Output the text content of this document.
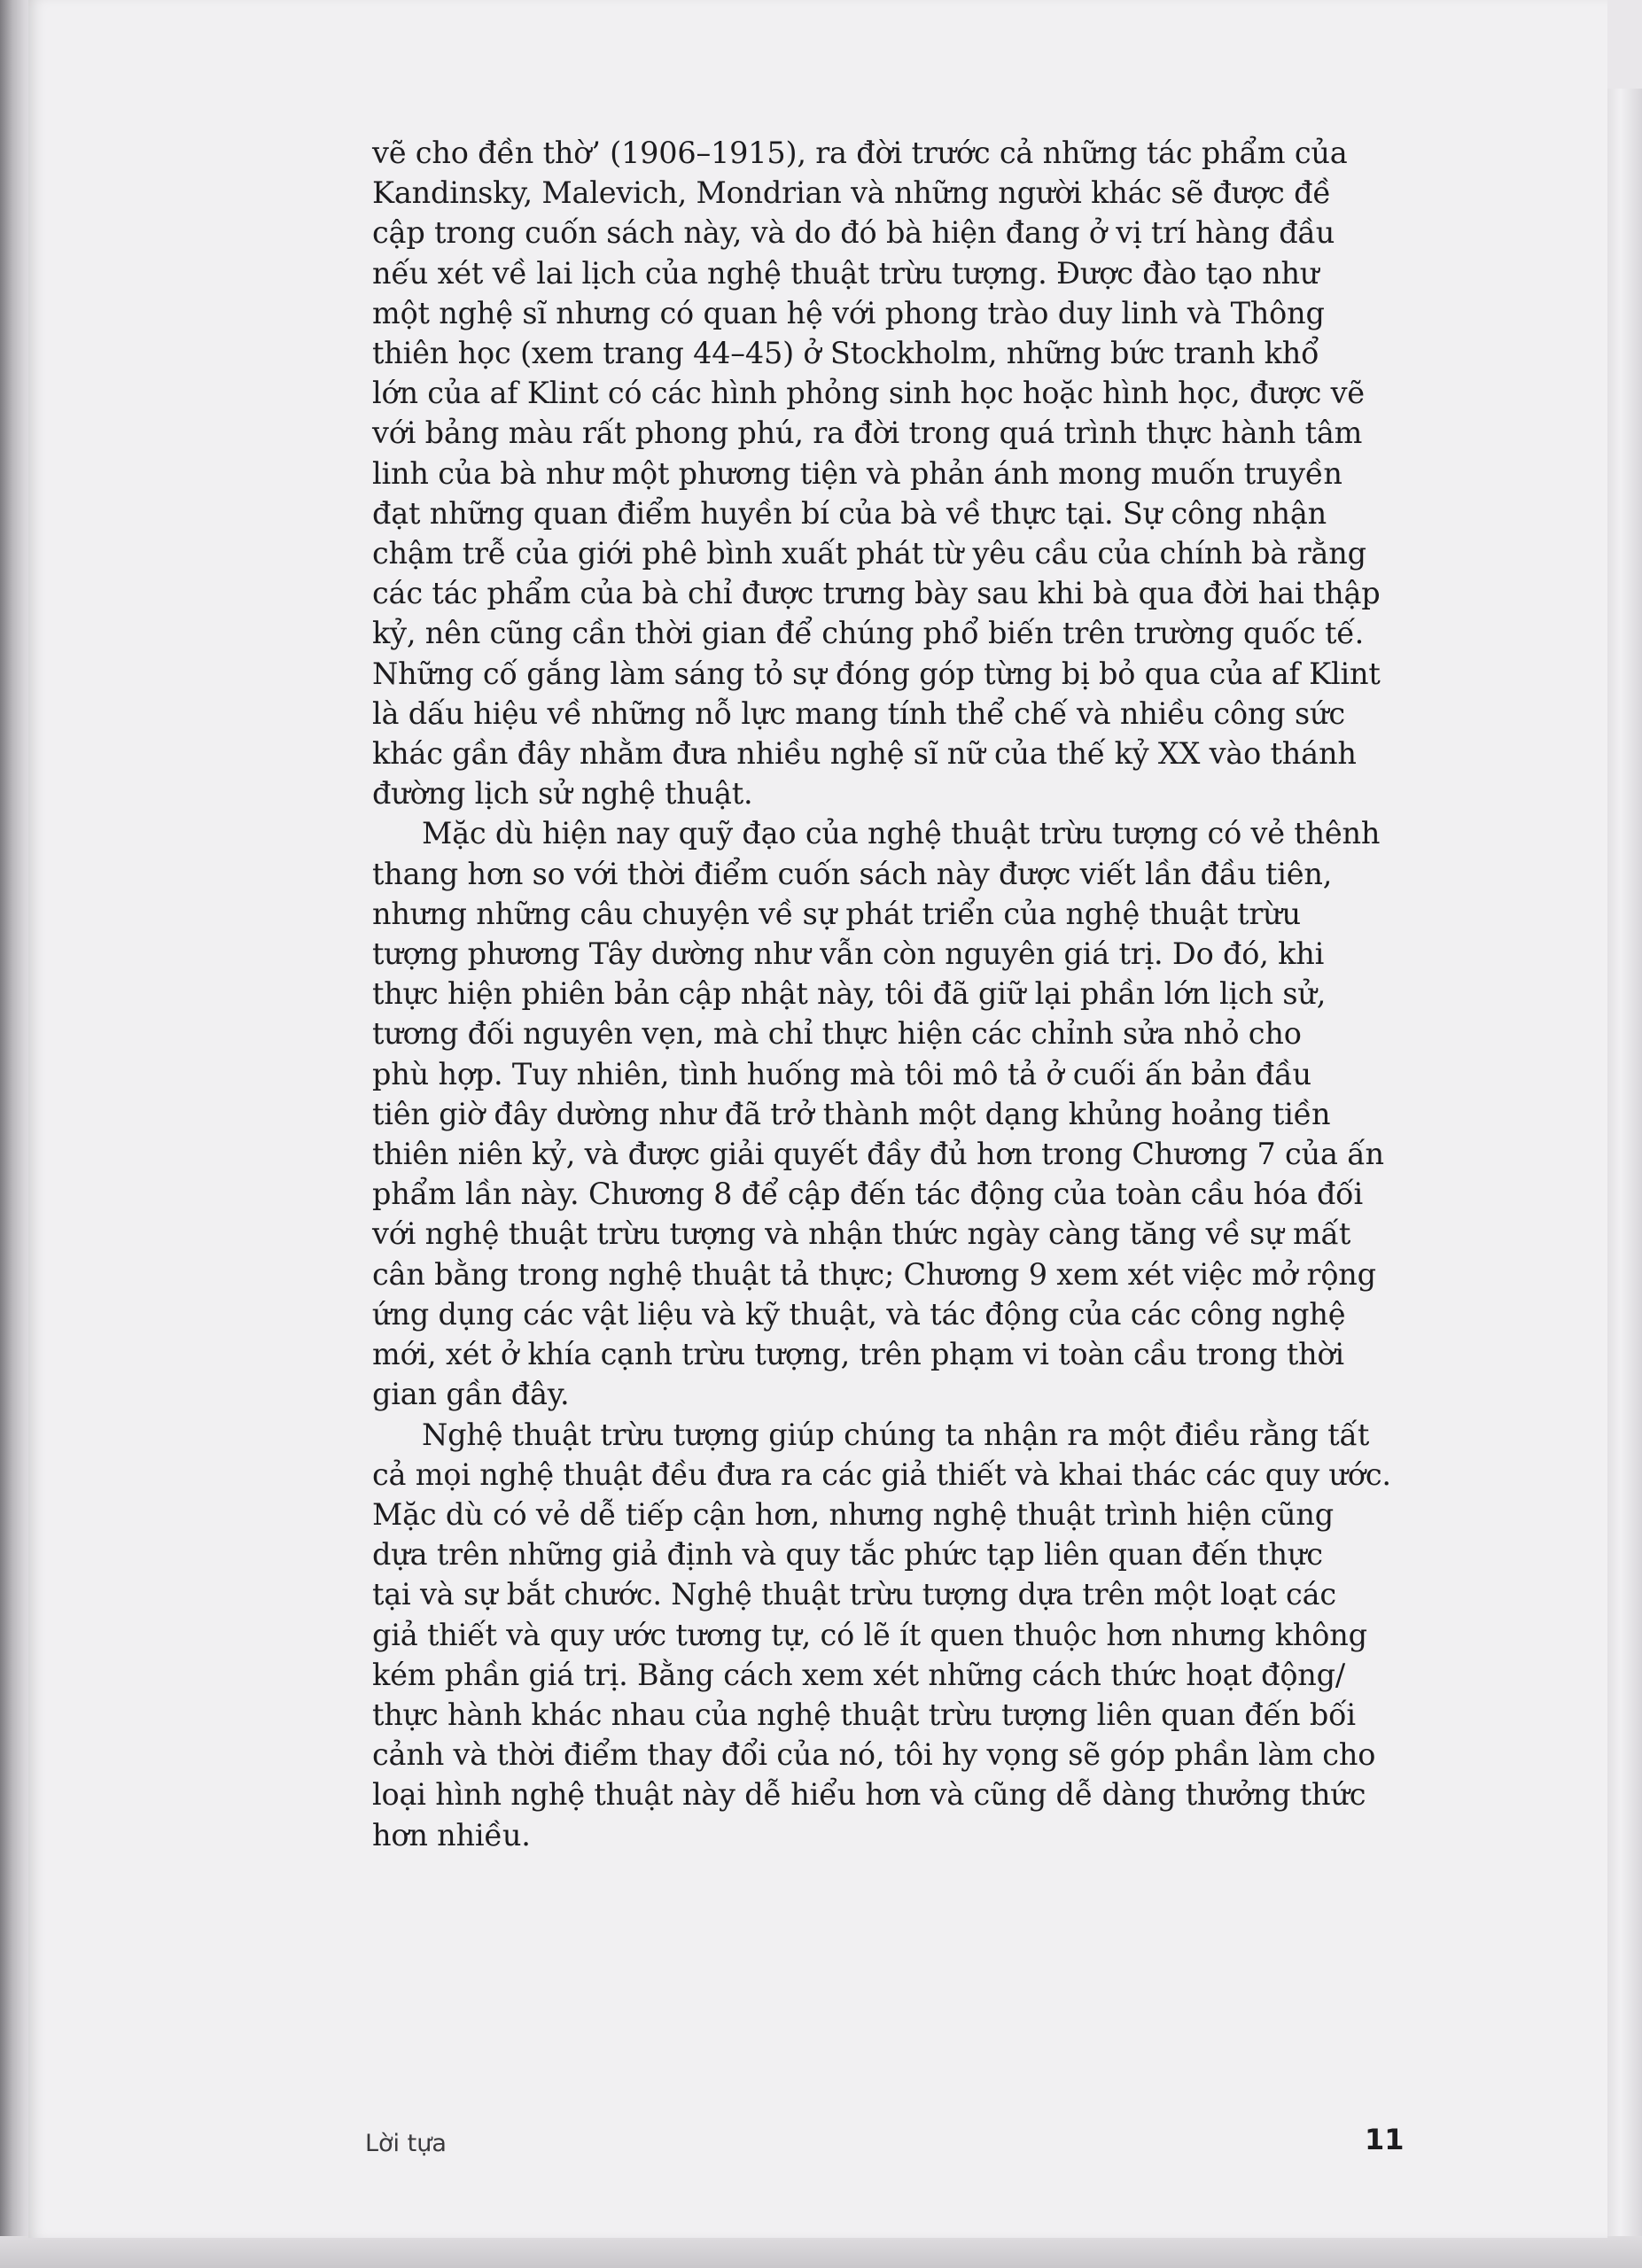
vẽ cho đền thờ’ (1906–1915), ra đời trước cả những tác phẩm của
Kandinsky, Malevich, Mondrian và những người khác sẽ được đề
cập trong cuốn sách này, và do đó bà hiện đang ở vị trí hàng đầu
nếu xét về lai lịch của nghệ thuật trừu tượng. Được đào tạo như
một nghệ sĩ nhưng có quan hệ với phong trào duy linh và Thông
thiên học (xem trang 44–45) ở Stockholm, những bức tranh khổ
lớn của af Klint có các hình phỏng sinh học hoặc hình học, được vẽ
với bảng màu rất phong phú, ra đời trong quá trình thực hành tâm
linh của bà như một phương tiện và phản ánh mong muốn truyền
đạt những quan điểm huyền bí của bà về thực tại. Sự công nhận
chậm trễ của giới phê bình xuất phát từ yêu cầu của chính bà rằng
các tác phẩm của bà chỉ được trưng bày sau khi bà qua đời hai thập
kỷ, nên cũng cần thời gian để chúng phổ biến trên trường quốc tế.
Những cố gắng làm sáng tỏ sự đóng góp từng bị bỏ qua của af Klint
là dấu hiệu về những nỗ lực mang tính thể chế và nhiều công sức
khác gần đây nhằm đưa nhiều nghệ sĩ nữ của thế kỷ XX vào thánh
đường lịch sử nghệ thuật.
Mặc dù hiện nay quỹ đạo của nghệ thuật trừu tượng có vẻ thênh
thang hơn so với thời điểm cuốn sách này được viết lần đầu tiên,
nhưng những câu chuyện về sự phát triển của nghệ thuật trừu
tượng phương Tây dường như vẫn còn nguyên giá trị. Do đó, khi
thực hiện phiên bản cập nhật này, tôi đã giữ lại phần lớn lịch sử,
tương đối nguyên vẹn, mà chỉ thực hiện các chỉnh sửa nhỏ cho
phù hợp. Tuy nhiên, tình huống mà tôi mô tả ở cuối ấn bản đầu
tiên giờ đây dường như đã trở thành một dạng khủng hoảng tiền
thiên niên kỷ, và được giải quyết đầy đủ hơn trong Chương 7 của ấn
phẩm lần này. Chương 8 để cập đến tác động của toàn cầu hóa đối
với nghệ thuật trừu tượng và nhận thức ngày càng tăng về sự mất
cân bằng trong nghệ thuật tả thực; Chương 9 xem xét việc mở rộng
ứng dụng các vật liệu và kỹ thuật, và tác động của các công nghệ
mới, xét ở khía cạnh trừu tượng, trên phạm vi toàn cầu trong thời
gian gần đây.
Nghệ thuật trừu tượng giúp chúng ta nhận ra một điều rằng tất
cả mọi nghệ thuật đều đưa ra các giả thiết và khai thác các quy ước.
Mặc dù có vẻ dễ tiếp cận hơn, nhưng nghệ thuật trình hiện cũng
dựa trên những giả định và quy tắc phức tạp liên quan đến thực
tại và sự bắt chước. Nghệ thuật trừu tượng dựa trên một loạt các
giả thiết và quy ước tương tự, có lẽ ít quen thuộc hơn nhưng không
kém phần giá trị. Bằng cách xem xét những cách thức hoạt động/
thực hành khác nhau của nghệ thuật trừu tượng liên quan đến bối
cảnh và thời điểm thay đổi của nó, tôi hy vọng sẽ góp phần làm cho
loại hình nghệ thuật này dễ hiểu hơn và cũng dễ dàng thưởng thức
hơn nhiều.
Lời tựa	11
